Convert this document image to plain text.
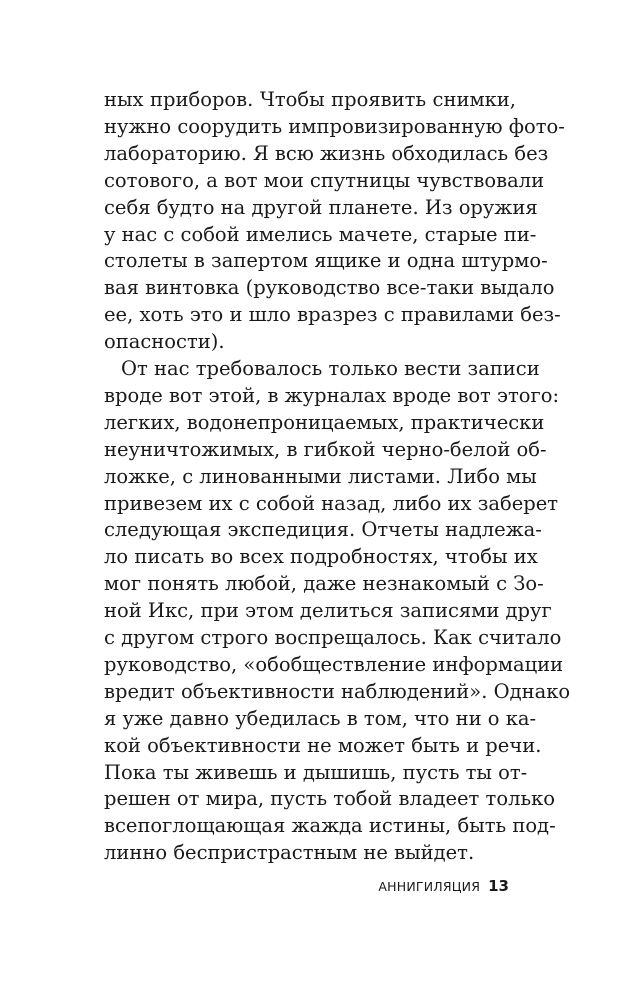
ных приборов. Чтобы проявить снимки,
нужно соорудить импровизированную фото-
лабораторию. Я всю жизнь обходилась без
сотового, а вот мои спутницы чувствовали
себя будто на другой планете. Из оружия
у нас с собой имелись мачете, старые пи-
столеты в запертом ящике и одна штурмо-
вая винтовка (руководство все-таки выдало
ее, хоть это и шло вразрез с правилами без-
опасности).
От нас требовалось только вести записи
вроде вот этой, в журналах вроде вот этого:
легких, водонепроницаемых, практически
неуничтожимых, в гибкой черно-белой об-
ложке, с линованными листами. Либо мы
привезем их с собой назад, либо их заберет
следующая экспедиция. Отчеты надлежа-
ло писать во всех подробностях, чтобы их
мог понять любой, даже незнакомый с Зо-
ной Икс, при этом делиться записями друг
с другом строго воспрещалось. Как считало
руководство, «обобществление информации
вредит объективности наблюдений». Однако
я уже давно убедилась в том, что ни о ка-
кой объективности не может быть и речи.
Пока ты живешь и дышишь, пусть ты от-
решен от мира, пусть тобой владеет только
всепоглощающая жажда истины, быть под-
линно беспристрастным не выйдет.
АННИГИЛЯЦИЯ 13
